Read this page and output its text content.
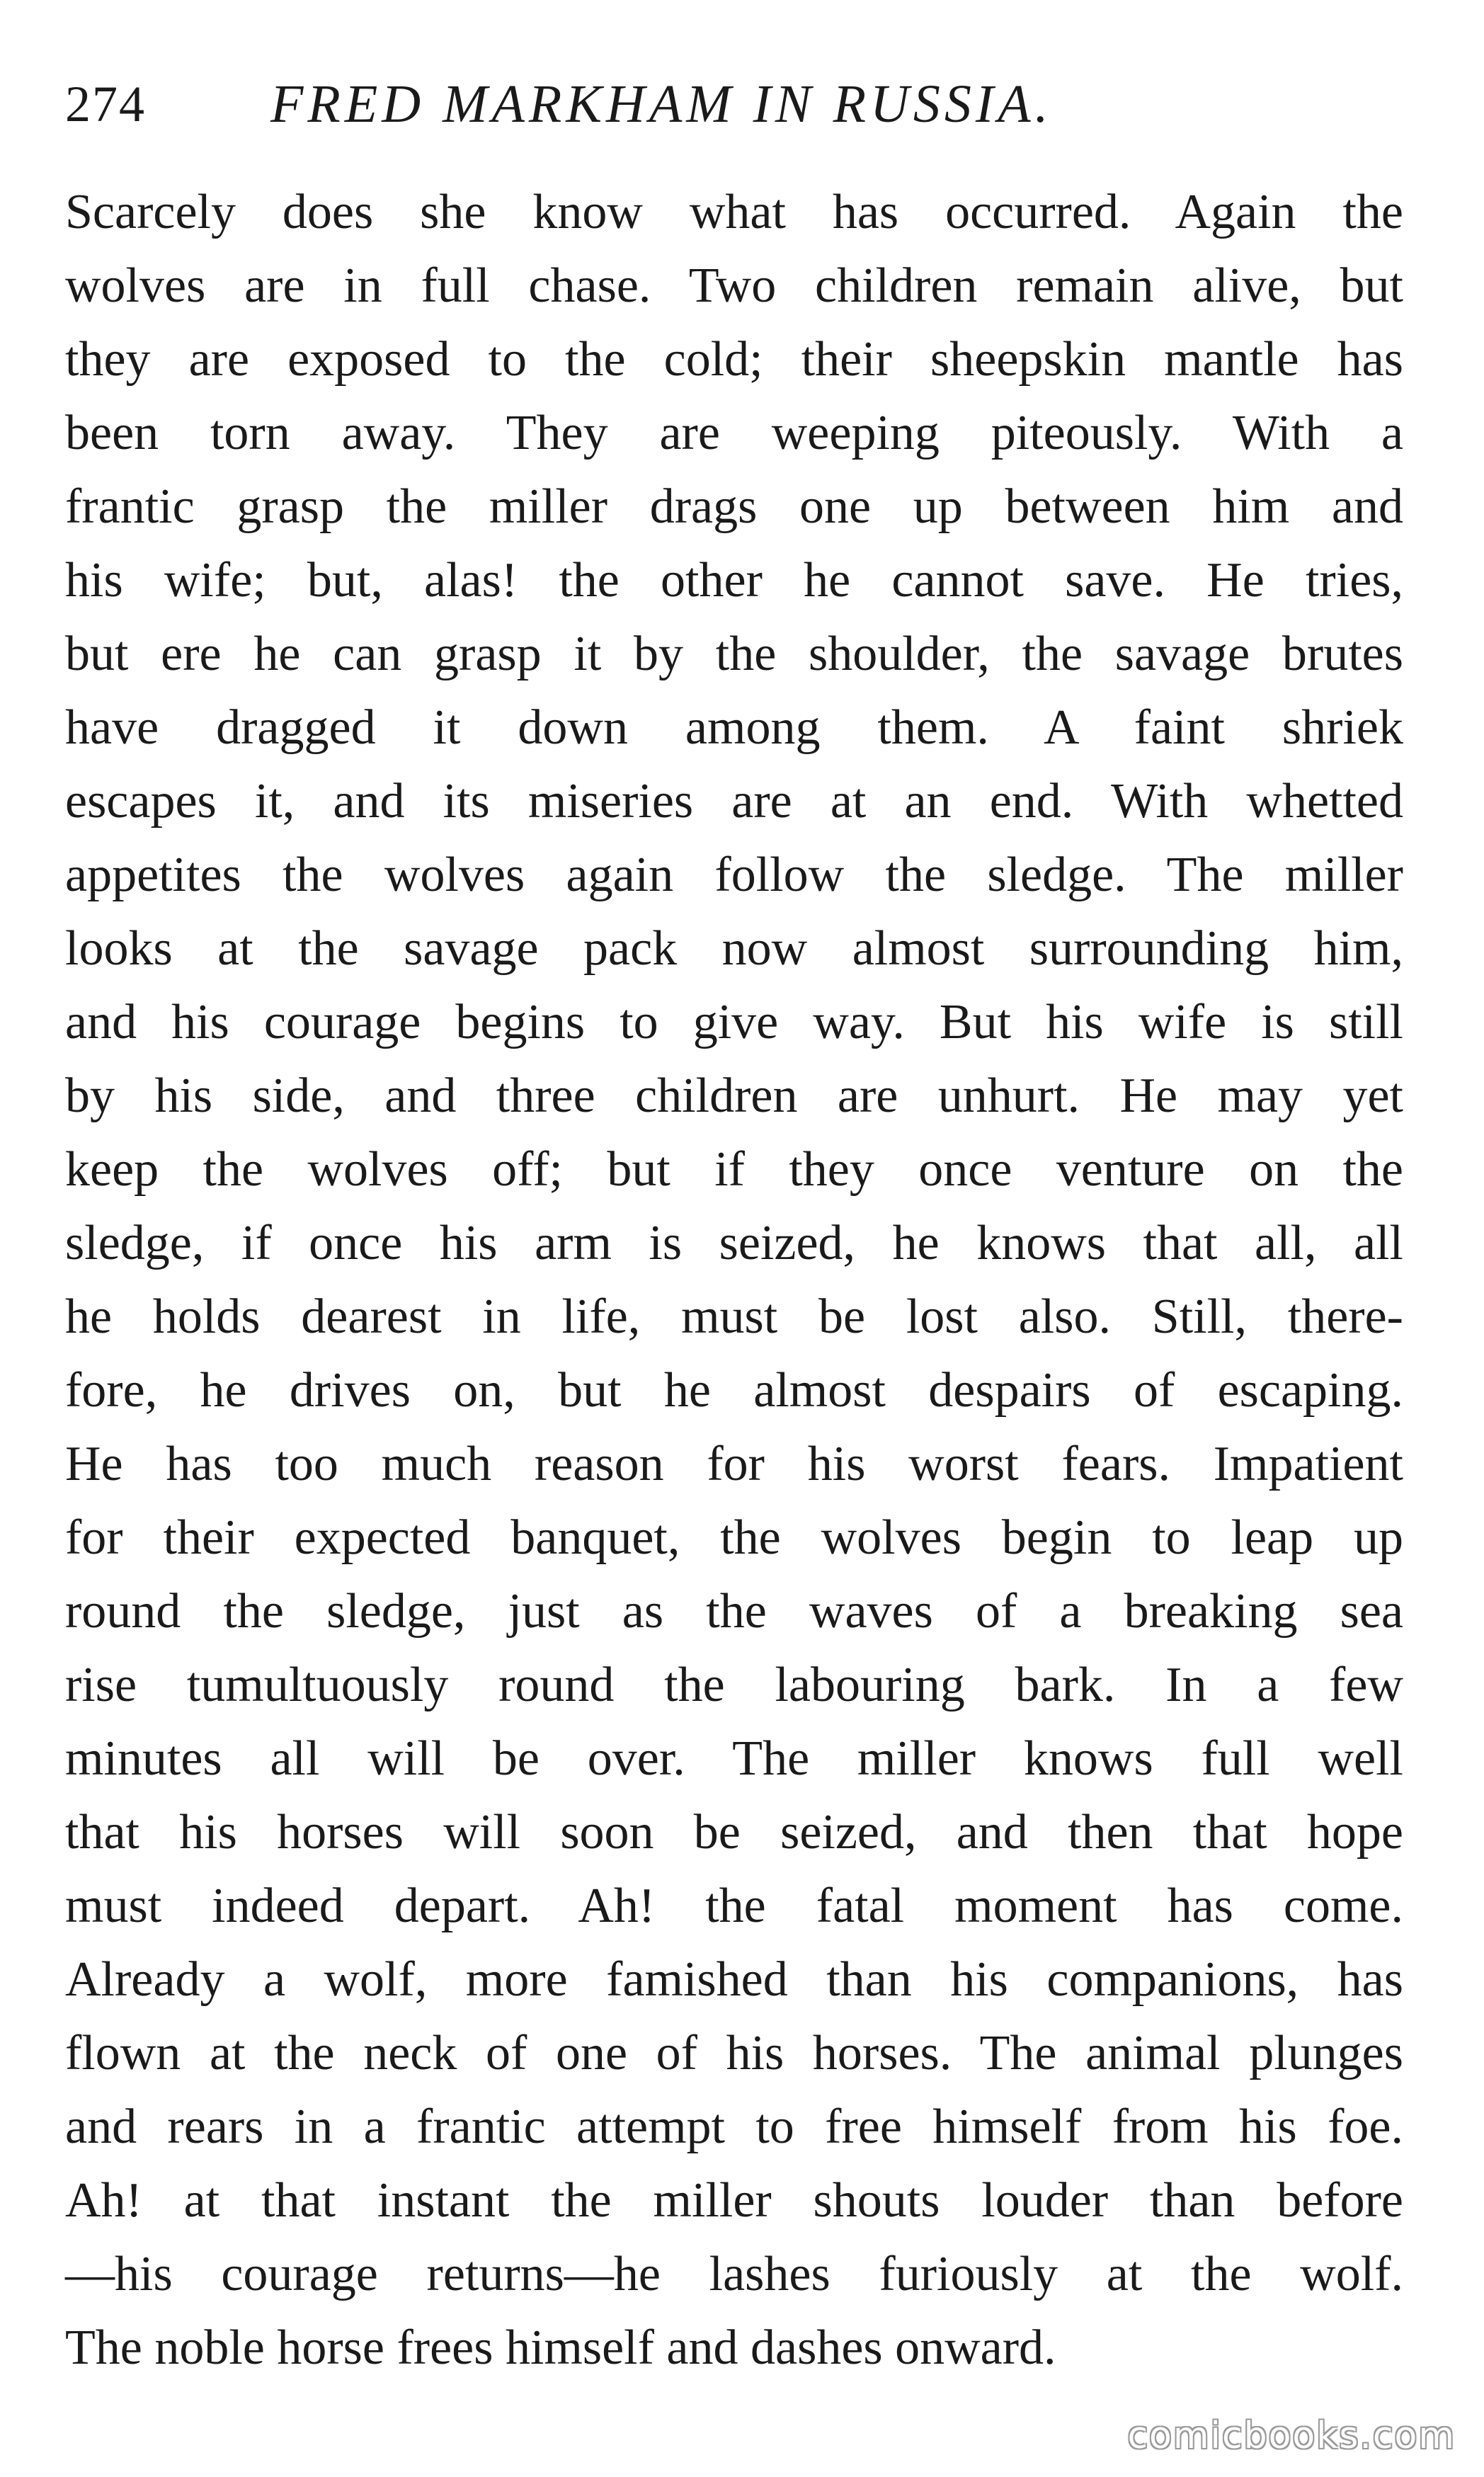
274 FRED MARKHAM IN RUSSIA.
Scarcely does she know what has occurred. Again the
wolves are in full chase. Two children remain alive, but
they are exposed to the cold; their sheepskin mantle has
been torn away. They are weeping piteously. With a
frantic grasp the miller drags one up between him and
his wife; but, alas! the other he cannot save. He tries,
but ere he can grasp it by the shoulder, the savage brutes
have dragged it down among them. A faint shriek
escapes it, and its miseries are at an end. With whetted
appetites the wolves again follow the sledge. The miller
looks at the savage pack now almost surrounding him,
and his courage begins to give way. But his wife is still
by his side, and three children are unhurt. He may yet
keep the wolves off; but if they once venture on the
sledge, if once his arm is seized, he knows that all, all
he holds dearest in life, must be lost also. Still, there-
fore, he drives on, but he almost despairs of escaping.
He has too much reason for his worst fears. Impatient
for their expected banquet, the wolves begin to leap up
round the sledge, just as the waves of a breaking sea
rise tumultuously round the labouring bark. In a few
minutes all will be over. The miller knows full well
that his horses will soon be seized, and then that hope
must indeed depart. Ah! the fatal moment has come.
Already a wolf, more famished than his companions, has
flown at the neck of one of his horses. The animal plunges
and rears in a frantic attempt to free himself from his foe.
Ah! at that instant the miller shouts louder than before
—his courage returns—he lashes furiously at the wolf.
The noble horse frees himself and dashes onward.
comicbooks.com
